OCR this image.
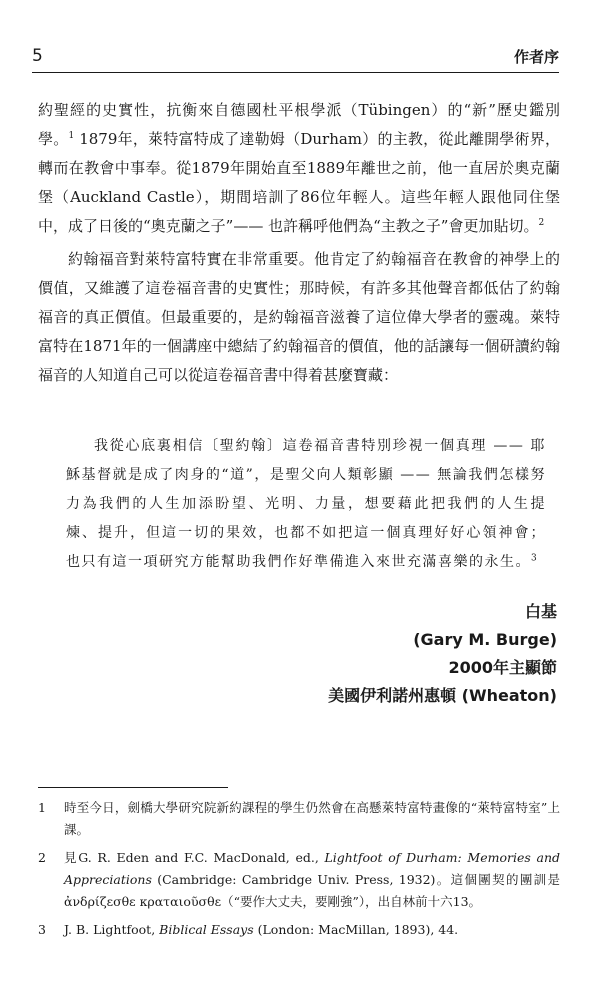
5	作者序

約聖經的史實性，抗衡來自德國杜平根學派（Tübingen）的“新”歷史鑑別學。$^1$ 1879年，萊特富特成了達勒姆（Durham）的主教，從此離開學術界，轉而在教會中事奉。從1879年開始直至1889年離世之前，他一直居於奧克蘭堡（Auckland Castle），期間培訓了86位年輕人。這些年輕人跟他同住堡中，成了日後的“奧克蘭之子”—— 也許稱呼他們為“主教之子”會更加貼切。$^2$

約翰福音對萊特富特實在非常重要。他肯定了約翰福音在教會的神學上的價值，又維護了這卷福音書的史實性；那時候，有許多其他聲音都低估了約翰福音的真正價值。但最重要的，是約翰福音滋養了這位偉大學者的靈魂。萊特富特在1871年的一個講座中總結了約翰福音的價值，他的話讓每一個研讀約翰福音的人知道自己可以從這卷福音書中得着甚麼寶藏：

我從心底裏相信〔聖約翰〕這卷福音書特別珍視一個真理 —— 耶穌基督就是成了肉身的“道”，是聖父向人類彰顯 —— 無論我們怎樣努力為我們的人生加添盼望、光明、力量，想要藉此把我們的人生提煉、提升，但這一切的果效，也都不如把這一個真理好好心領神會；也只有這一項研究方能幫助我們作好準備進入來世充滿喜樂的永生。$^3$

白基
(Gary M. Burge)
2000年主顯節
美國伊利諾州惠頓 (Wheaton)
1	時至今日，劍橋大學研究院新約課程的學生仍然會在高懸萊特富特畫像的“萊特富特室”上課。
2	見G. R. Eden and F.C. MacDonald, ed., Lightfoot of Durham: Memories and Appreciations (Cambridge: Cambridge Univ. Press, 1932)。這個團契的團訓是 ἀνδρίζεσθε κραταιοῦσθε（“要作大丈夫，要剛強”），出自林前十六13。
3	J. B. Lightfoot, Biblical Essays (London: MacMillan, 1893), 44.
